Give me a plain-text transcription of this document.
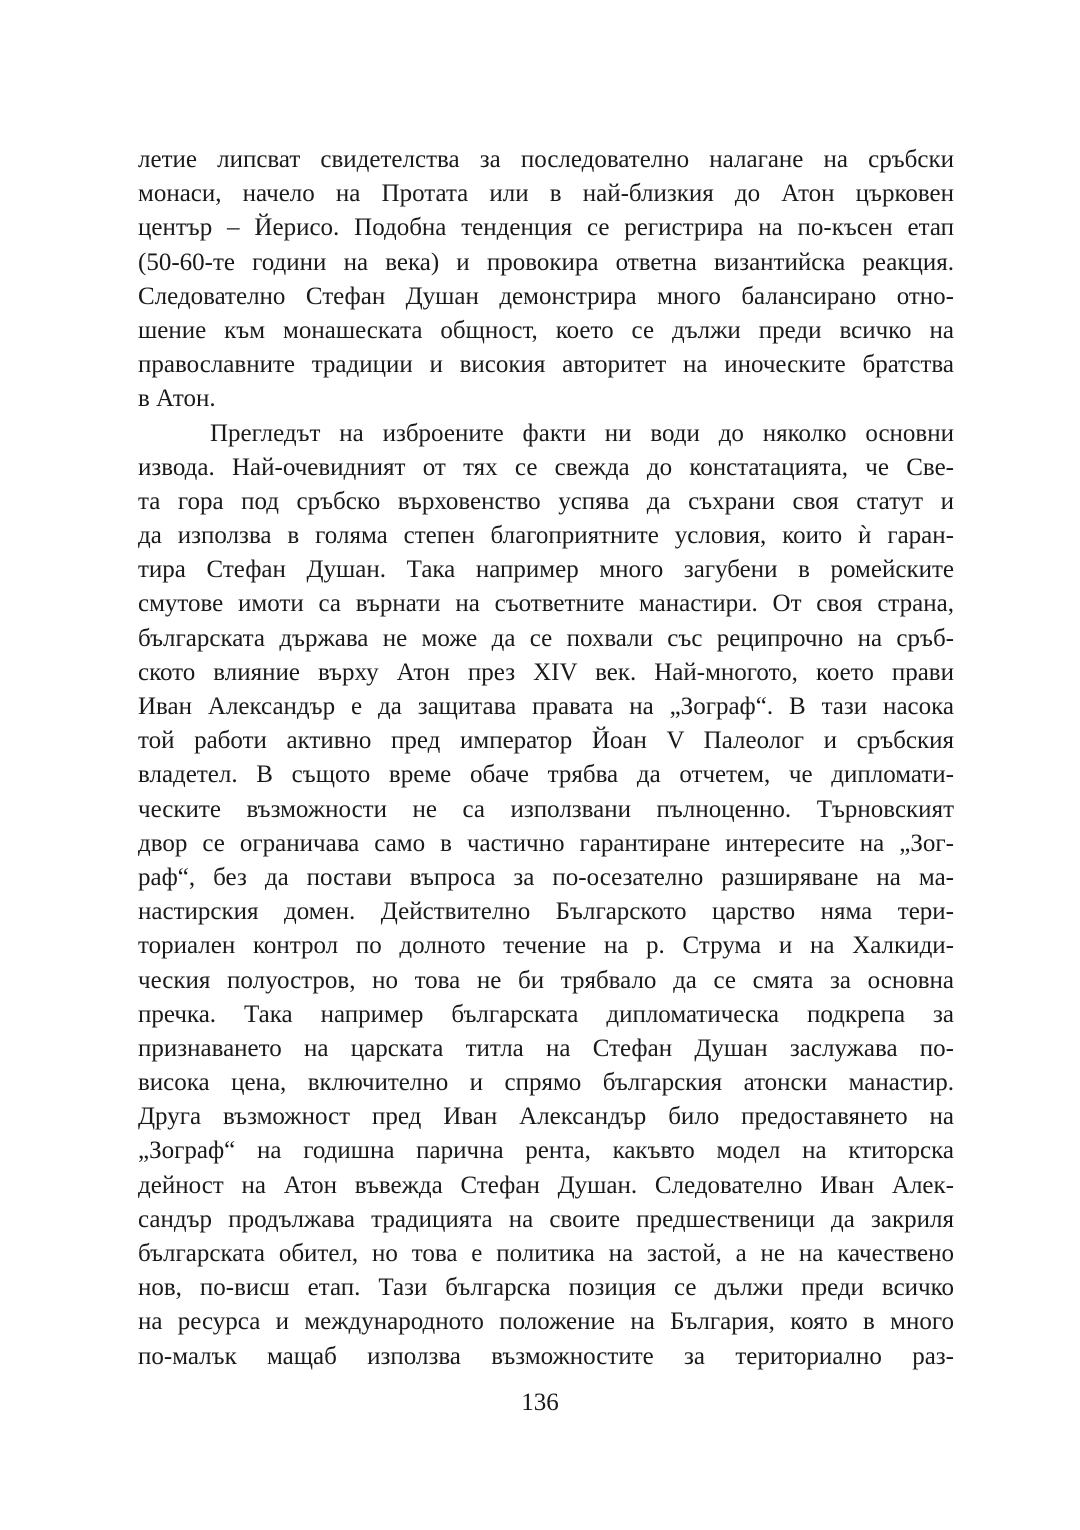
летие липсват свидетелства за последователно налагане на сръбски
монаси, начело на Протата или в най-близкия до Атон църковен
център – Йерисо. Подобна тенденция се регистрира на по-късен етап
(50-60-те години на века) и провокира ответна византийска реакция.
Следователно Стефан Душан демонстрира много балансирано отно-
шение към монашеската общност, което се дължи преди всичко на
православните традиции и високия авторитет на иноческите братства
в Атон.
Прегледът на изброените факти ни води до няколко основни
извода. Най-очевидният от тях се свежда до констатацията, че Све-
та гора под сръбско върховенство успява да съхрани своя статут и
да използва в голяма степен благоприятните условия, които ѝ гаран-
тира Стефан Душан. Така например много загубени в ромейските
смутове имоти са върнати на съответните манастири. От своя страна,
българската държава не може да се похвали със реципрочно на сръб-
ското влияние върху Атон през XIV век. Най-многото, което прави
Иван Александър е да защитава правата на „Зограф“. В тази насока
той работи активно пред император Йоан V Палеолог и сръбския
владетел. В същото време обаче трябва да отчетем, че дипломати-
ческите възможности не са използвани пълноценно. Търновският
двор се ограничава само в частично гарантиране интересите на „Зог-
раф“, без да постави въпроса за по-осезателно разширяване на ма-
настирския домен. Действително Българското царство няма тери-
ториален контрол по долното течение на р. Струма и на Халкиди-
ческия полуостров, но това не би трябвало да се смята за основна
пречка. Така например българската дипломатическа подкрепа за
признаването на царската титла на Стефан Душан заслужава по-
висока цена, включително и спрямо българския атонски манастир.
Друга възможност пред Иван Александър било предоставянето на
„Зограф“ на годишна парична рента, какъвто модел на ктиторска
дейност на Атон въвежда Стефан Душан. Следователно Иван Алек-
сандър продължава традицията на своите предшественици да закриля
българската обител, но това е политика на застой, а не на качествено
нов, по-висш етап. Тази българска позиция се дължи преди всичко
на ресурса и международното положение на България, която в много
по-малък мащаб използва възможностите за териториално раз-
136
